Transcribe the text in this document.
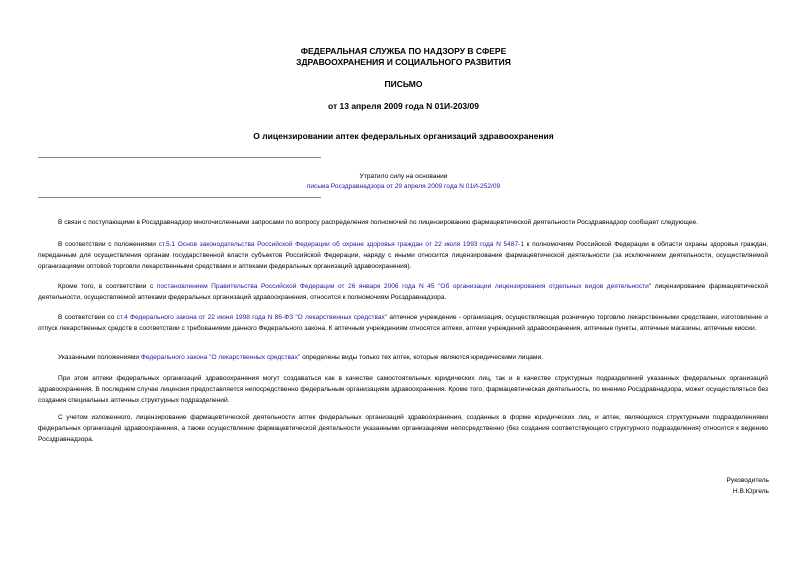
ФЕДЕРАЛЬНАЯ СЛУЖБА ПО НАДЗОРУ В СФЕРЕ
ЗДРАВООХРАНЕНИЯ И СОЦИАЛЬНОГО РАЗВИТИЯ
ПИСЬМО
от 13 апреля 2009 года N 01И-203/09
О лицензировании аптек федеральных организаций здравоохранения
Утратило силу на основании
письма Росздравнадзора от 29 апреля 2009 года N 01И-252/09

В связи с поступающими в Росздравнадзор многочисленными запросами по вопросу распределения полномочий по лицензированию фармацевтической деятельности Росздравнадзор сообщает следующее.

В соответствии с положениями ст.5.1 Основ законодательства Российской Федерации об охране здоровья граждан от 22 июля 1993 года N 5487-1 к полномочиям Российской Федерации в области охраны здоровья граждан, переданным для осуществления органам государственной власти субъектов Российской Федерации, наряду с иными относится лицензирование фармацевтической деятельности (за исключением деятельности, осуществляемой организациями оптовой торговли лекарственными средствами и аптеками федеральных организаций здравоохранения).

Кроме того, в соответствии с постановлением Правительства Российской Федерации от 26 января 2006 года N 45 "Об организации лицензирования отдельных видов деятельности" лицензирование фармацевтической деятельности, осуществляемой аптеками федеральных организаций здравоохранения, относится к полномочиям Росздравнадзора.

В соответствии со ст.4 Федерального закона от 22 июня 1998 года N 86-ФЗ "О лекарственных средствах" аптечное учреждение - организация, осуществляющая розничную торговлю лекарственными средствами, изготовление и отпуск лекарственных средств в соответствии с требованиями данного Федерального закона. К аптечным учреждениям относятся аптеки, аптеки учреждений здравоохранения, аптечные пункты, аптечные магазины, аптечные киоски.

Указанными положениями Федерального закона "О лекарственных средствах" определены виды только тех аптек, которые являются юридическими лицами.

При этом аптеки федеральных организаций здравоохранения могут создаваться как в качестве самостоятельных юридических лиц, так и в качестве структурных подразделений указанных федеральных организаций здравоохранения. В последнем случае лицензия предоставляется непосредственно федеральным организациям здравоохранения. Кроме того, фармацевтическая деятельность, по мнению Росздравнадзора, может осуществляться без создания специальных аптечных структурных подразделений.

С учетом изложенного, лицензирование фармацевтической деятельности аптек федеральных организаций здравоохранения, созданных в форме юридических лиц, и аптек, являющихся структурными подразделениями федеральных организаций здравоохранения, а также осуществление фармацевтической деятельности указанными организациями непосредственно (без создания соответствующего структурного подразделения) относится к ведению Росздравнадзора.

Руководитель
Н.В.Юргель
